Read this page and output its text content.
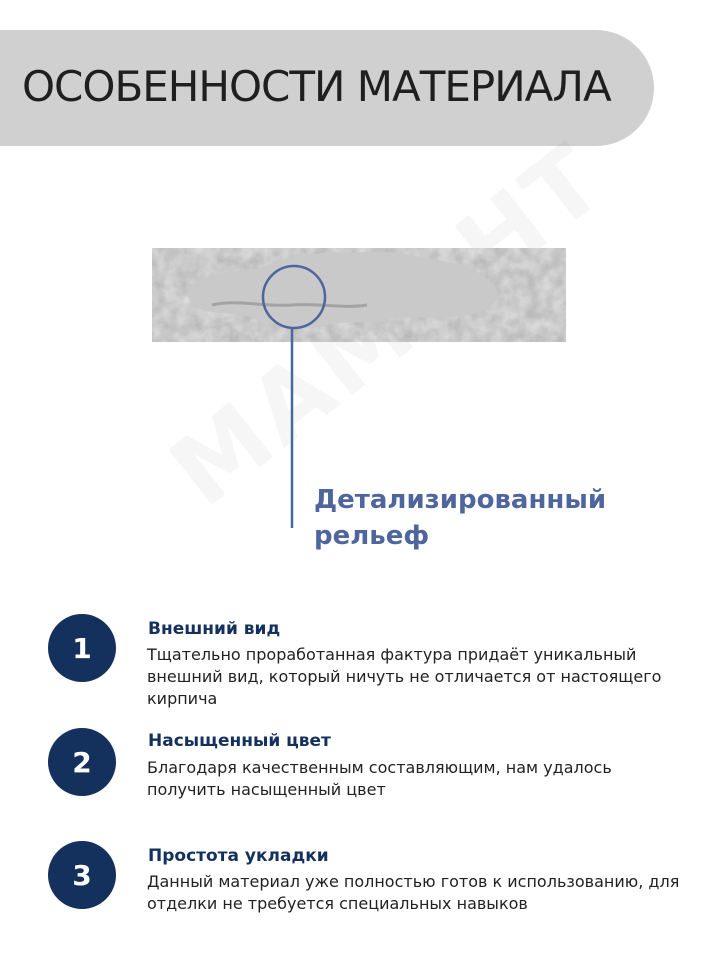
ОСОБЕННОСТИ МАТЕРИАЛА

Детализированный рельеф

1

Внешний вид

Тщательно проработанная фактура придаёт уникальный внешний вид, который ничуть не отличается от настоящего кирпича

2

Насыщенный цвет

Благодаря качественным составляющим, нам удалось получить насыщенный цвет

3

Простота укладки

Данный материал уже полностью готов к использованию, для отделки не требуется специальных навыков
